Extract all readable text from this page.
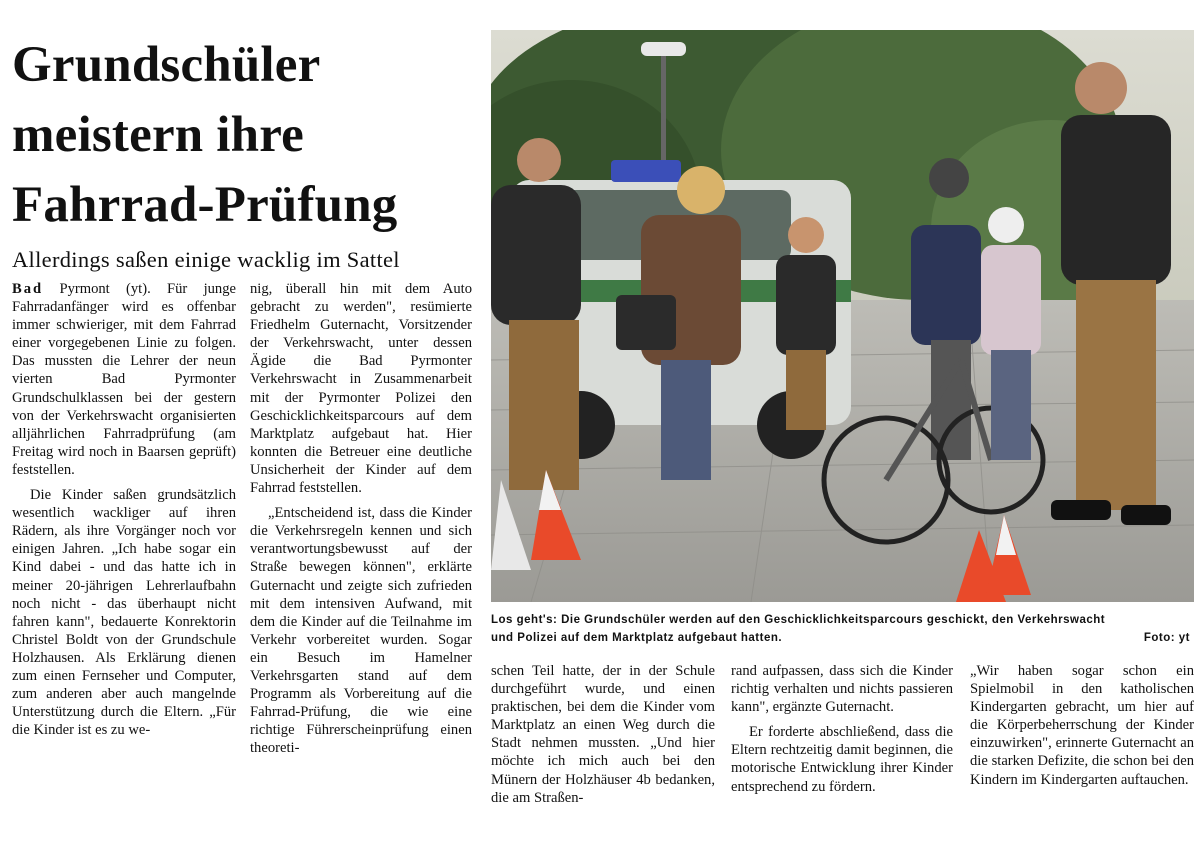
Grundschüler
meistern ihre
Fahrrad-Prüfung
Allerdings saßen einige wacklig im Sattel

Bad Pyrmont (yt). Für junge Fahrradanfänger wird es offenbar immer schwieriger, mit dem Fahrrad einer vorgegebenen Linie zu folgen. Das mussten die Lehrer der neun vierten Bad Pyrmonter Grundschulklassen bei der gestern von der Verkehrswacht organisierten alljährlichen Fahrradprüfung (am Freitag wird noch in Baarsen geprüft) feststellen.

Die Kinder saßen grundsätzlich wesentlich wackliger auf ihren Rädern, als ihre Vorgänger noch vor einigen Jahren. „Ich habe sogar ein Kind dabei - und das hatte ich in meiner 20-jährigen Lehrerlaufbahn noch nicht - das überhaupt nicht fahren kann", bedauerte Konrektorin Christel Boldt von der Grundschule Holzhausen. Als Erklärung dienen zum einen Fernseher und Computer, zum anderen aber auch mangelnde Unterstützung durch die Eltern. „Für die Kinder ist es zu we-

nig, überall hin mit dem Auto gebracht zu werden", resümierte Friedhelm Guternacht, Vorsitzender der Verkehrswacht, unter dessen Ägide die Bad Pyrmonter Verkehrswacht in Zusammenarbeit mit der Pyrmonter Polizei den Geschicklichkeitsparcours auf dem Marktplatz aufgebaut hat. Hier konnten die Betreuer eine deutliche Unsicherheit der Kinder auf dem Fahrrad feststellen.

„Entscheidend ist, dass die Kinder die Verkehrsregeln kennen und sich verantwortungsbewusst auf der Straße bewegen können", erklärte Guternacht und zeigte sich zufrieden mit dem intensiven Aufwand, mit dem die Kinder auf die Teilnahme im Verkehr vorbereitet wurden. Sogar ein Besuch im Hamelner Verkehrsgarten stand auf dem Programm als Vorbereitung auf die Fahrrad-Prüfung, die wie eine richtige Führerscheinprüfung einen theoreti-

Los geht's: Die Grundschüler werden auf den Geschicklichkeitsparcours geschickt, den Verkehrswacht
und Polizei auf dem Marktplatz aufgebaut hatten.	Foto: yt

schen Teil hatte, der in der Schule durchgeführt wurde, und einen praktischen, bei dem die Kinder vom Marktplatz an einen Weg durch die Stadt nehmen mussten. „Und hier möchte ich mich auch bei den Münern der Holzhäuser 4b bedanken, die am Straßen-

rand aufpassen, dass sich die Kinder richtig verhalten und nichts passieren kann", ergänzte Guternacht.

Er forderte abschließend, dass die Eltern rechtzeitig damit beginnen, die motorische Entwicklung ihrer Kinder entsprechend zu fördern.

„Wir haben sogar schon ein Spielmobil in den katholischen Kindergarten gebracht, um hier auf die Körperbeherrschung der Kinder einzuwirken", erinnerte Guternacht an die starken Defizite, die schon bei den Kindern im Kindergarten auftauchen.
